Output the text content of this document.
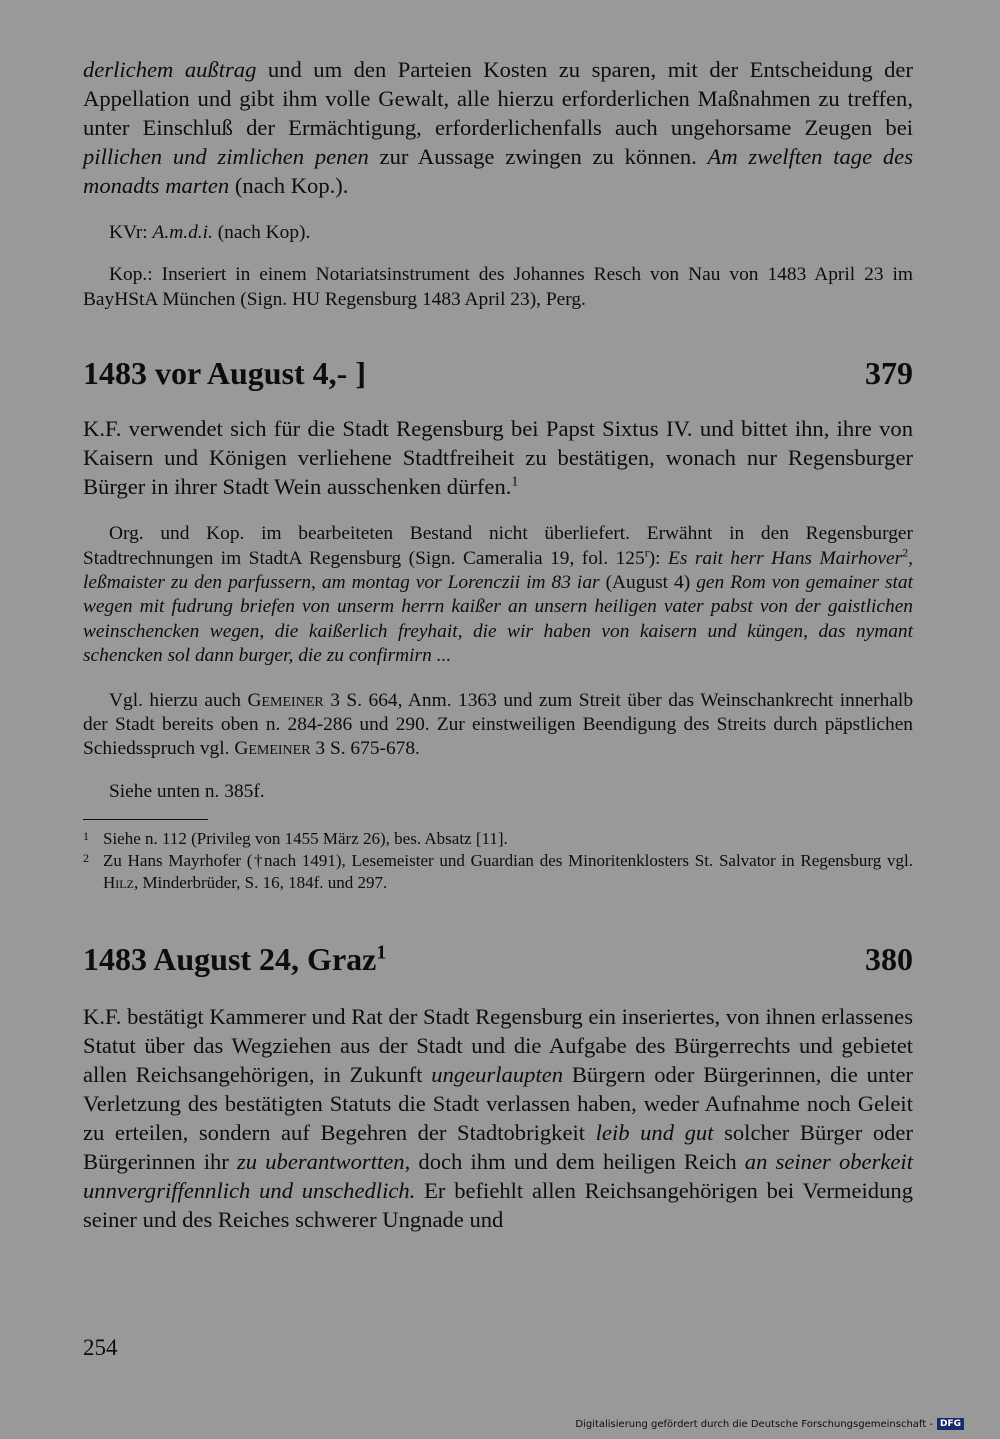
derlichem außtrag und um den Parteien Kosten zu sparen, mit der Entscheidung der Appellation und gibt ihm volle Gewalt, alle hierzu erforderlichen Maßnahmen zu treffen, unter Einschluß der Ermächtigung, erforderlichenfalls auch ungehorsame Zeugen bei pillichen und zimlichen penen zur Aussage zwingen zu können. Am zwelften tage des monadts marten (nach Kop.).

KVr: A.m.d.i. (nach Kop).

Kop.: Inseriert in einem Notariatsinstrument des Johannes Resch von Nau von 1483 April 23 im BayHStA München (Sign. HU Regensburg 1483 April 23), Perg.

1483 vor August 4,- ]	379

K.F. verwendet sich für die Stadt Regensburg bei Papst Sixtus IV. und bittet ihn, ihre von Kaisern und Königen verliehene Stadtfreiheit zu bestätigen, wonach nur Regensburger Bürger in ihrer Stadt Wein ausschenken dürfen.$^1$

Org. und Kop. im bearbeiteten Bestand nicht überliefert. Erwähnt in den Regensburger Stadtrechnungen im StadtA Regensburg (Sign. Cameralia 19, fol. 125$^r$): Es rait herr Hans Mairhover$^2$, leßmaister zu den parfussern, am montag vor Lorenczii im 83 iar (August 4) gen Rom von gemainer stat wegen mit fudrung briefen von unserm herrn kaißer an unsern heiligen vater pabst von der gaistlichen weinschencken wegen, die kaißerlich freyhait, die wir haben von kaisern und küngen, das nymant schencken sol dann burger, die zu confirmirn ...

Vgl. hierzu auch Gemeiner 3 S. 664, Anm. 1363 und zum Streit über das Weinschankrecht innerhalb der Stadt bereits oben n. 284-286 und 290. Zur einstweiligen Beendigung des Streits durch päpstlichen Schiedsspruch vgl. Gemeiner 3 S. 675-678.

Siehe unten n. 385f.

1 Siehe n. 112 (Privileg von 1455 März 26), bes. Absatz [11].
2 Zu Hans Mayrhofer (†nach 1491), Lesemeister und Guardian des Minoritenklosters St. Salvator in Regensburg vgl. Hilz, Minderbrüder, S. 16, 184f. und 297.
1483 August 24, Graz$^1$	380

K.F. bestätigt Kammerer und Rat der Stadt Regensburg ein inseriertes, von ihnen erlassenes Statut über das Wegziehen aus der Stadt und die Aufgabe des Bürgerrechts und gebietet allen Reichsangehörigen, in Zukunft ungeurlaupten Bürgern oder Bürgerinnen, die unter Verletzung des bestätigten Statuts die Stadt verlassen haben, weder Aufnahme noch Geleit zu erteilen, sondern auf Begehren der Stadtobrigkeit leib und gut solcher Bürger oder Bürgerinnen ihr zu uberantwortten, doch ihm und dem heiligen Reich an seiner oberkeit unnvergriffennlich und unschedlich. Er befiehlt allen Reichsangehörigen bei Vermeidung seiner und des Reiches schwerer Ungnade und

254
Digitalisierung gefördert durch die Deutsche Forschungsgemeinschaft - DFG
